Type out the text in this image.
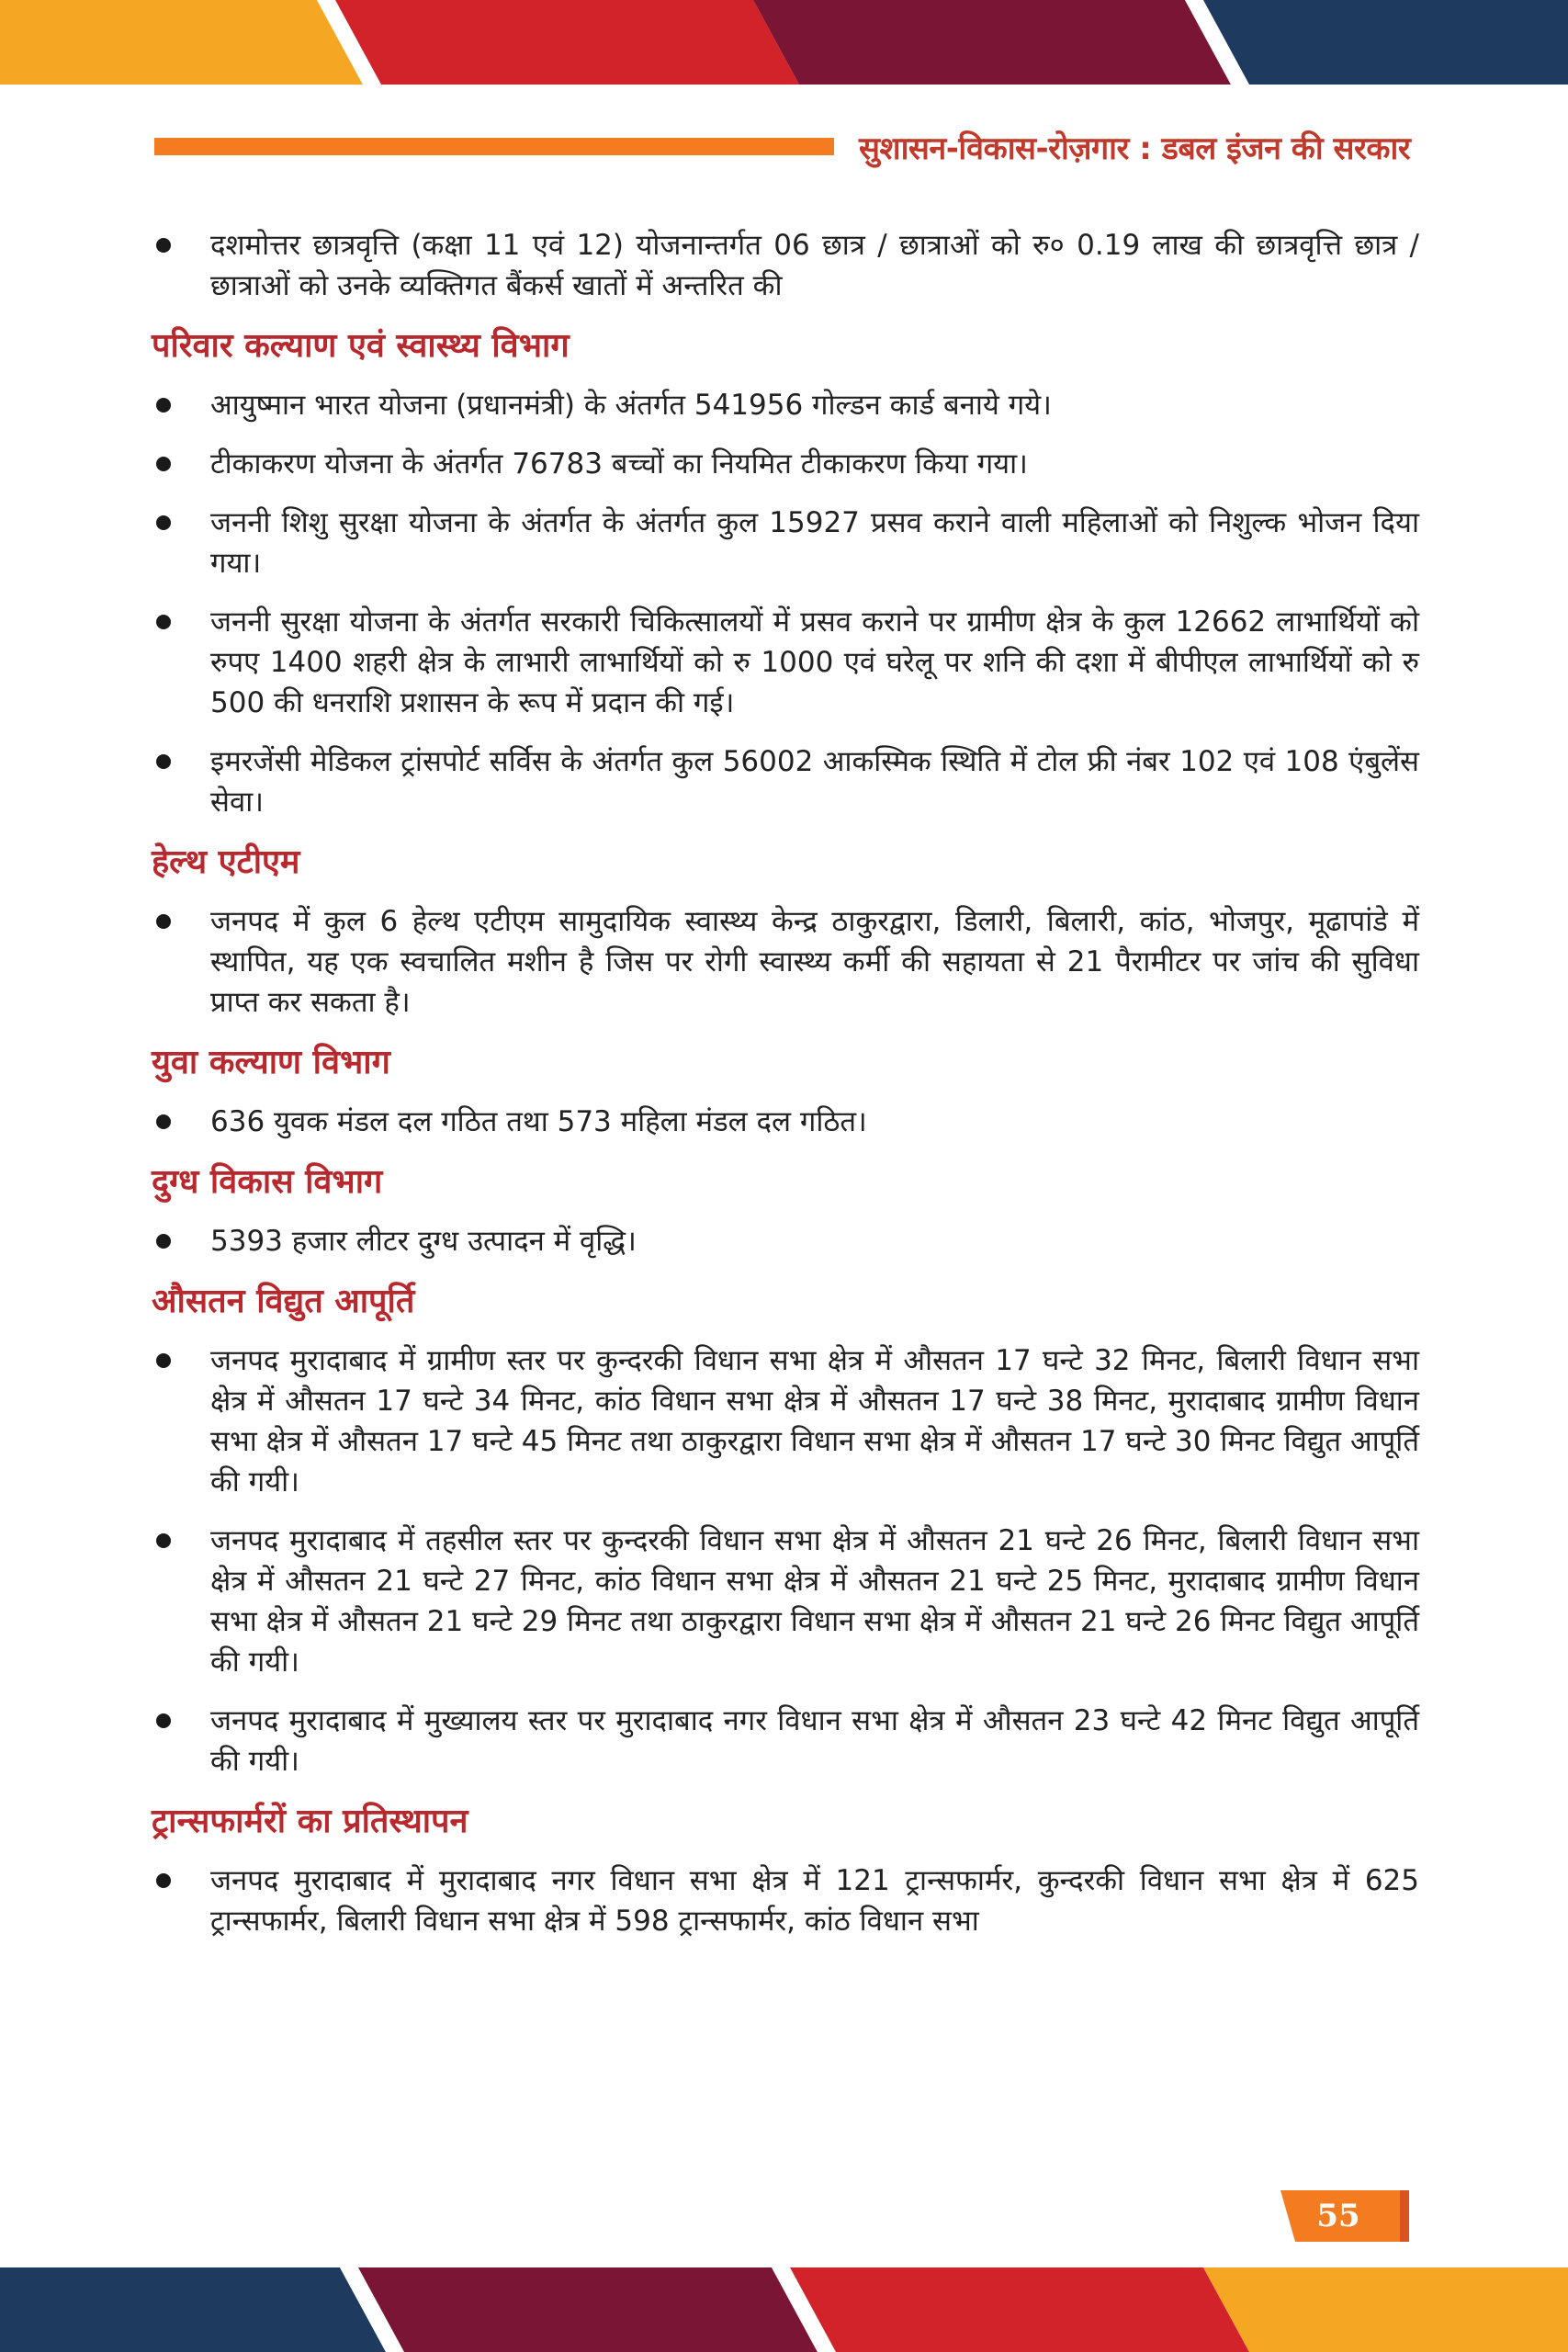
सुशासन-विकास-रोज़गार : डबल इंजन की सरकार
दशमोत्तर छात्रवृत्ति (कक्षा 11 एवं 12) योजनान्तर्गत 06 छात्र / छात्राओं को रु० 0.19 लाख की छात्रवृत्ति छात्र / छात्राओं को उनके व्यक्तिगत बैंकर्स खातों में अन्तरित की
परिवार कल्याण एवं स्वास्थ्य विभाग
आयुष्मान भारत योजना (प्रधानमंत्री) के अंतर्गत 541956 गोल्डन कार्ड बनाये गये।
टीकाकरण योजना के अंतर्गत 76783 बच्चों का नियमित टीकाकरण किया गया।
जननी शिशु सुरक्षा योजना के अंतर्गत के अंतर्गत कुल 15927 प्रसव कराने वाली महिलाओं को निशुल्क भोजन दिया गया।
जननी सुरक्षा योजना के अंतर्गत सरकारी चिकित्सालयों में प्रसव कराने पर ग्रामीण क्षेत्र के कुल 12662 लाभार्थियों को रुपए 1400 शहरी क्षेत्र के लाभारी लाभार्थियों को रु 1000 एवं घरेलू पर शनि की दशा में बीपीएल लाभार्थियों को रु 500 की धनराशि प्रशासन के रूप में प्रदान की गई।
इमरजेंसी मेडिकल ट्रांसपोर्ट सर्विस के अंतर्गत कुल 56002 आकस्मिक स्थिति में टोल फ्री नंबर 102 एवं 108 एंबुलेंस सेवा।
हेल्थ एटीएम
जनपद में कुल 6 हेल्थ एटीएम सामुदायिक स्वास्थ्य केन्द्र ठाकुरद्वारा, डिलारी, बिलारी, कांठ, भोजपुर, मूढापांडे में स्थापित, यह एक स्वचालित मशीन है जिस पर रोगी स्वास्थ्य कर्मी की सहायता से 21 पैरामीटर पर जांच की सुविधा प्राप्त कर सकता है।
युवा कल्याण विभाग
636 युवक मंडल दल गठित तथा 573 महिला मंडल दल गठित।
दुग्ध विकास विभाग
5393 हजार लीटर दुग्ध उत्पादन में वृद्धि।
औसतन विद्युत आपूर्ति
जनपद मुरादाबाद में ग्रामीण स्तर पर कुन्दरकी विधान सभा क्षेत्र में औसतन 17 घन्टे 32 मिनट, बिलारी विधान सभा क्षेत्र में औसतन 17 घन्टे 34 मिनट, कांठ विधान सभा क्षेत्र में औसतन 17 घन्टे 38 मिनट, मुरादाबाद ग्रामीण विधान सभा क्षेत्र में औसतन 17 घन्टे 45 मिनट तथा ठाकुरद्वारा विधान सभा क्षेत्र में औसतन 17 घन्टे 30 मिनट विद्युत आपूर्ति की गयी।
जनपद मुरादाबाद में तहसील स्तर पर कुन्दरकी विधान सभा क्षेत्र में औसतन 21 घन्टे 26 मिनट, बिलारी विधान सभा क्षेत्र में औसतन 21 घन्टे 27 मिनट, कांठ विधान सभा क्षेत्र में औसतन 21 घन्टे 25 मिनट, मुरादाबाद ग्रामीण विधान सभा क्षेत्र में औसतन 21 घन्टे 29 मिनट तथा ठाकुरद्वारा विधान सभा क्षेत्र में औसतन 21 घन्टे 26 मिनट विद्युत आपूर्ति की गयी।
जनपद मुरादाबाद में मुख्यालय स्तर पर मुरादाबाद नगर विधान सभा क्षेत्र में औसतन 23 घन्टे 42 मिनट विद्युत आपूर्ति की गयी।
ट्रान्सफार्मरों का प्रतिस्थापन
जनपद मुरादाबाद में मुरादाबाद नगर विधान सभा क्षेत्र में 121 ट्रान्सफार्मर, कुन्दरकी विधान सभा क्षेत्र में 625 ट्रान्सफार्मर, बिलारी विधान सभा क्षेत्र में 598 ट्रान्सफार्मर, कांठ विधान सभा
55
